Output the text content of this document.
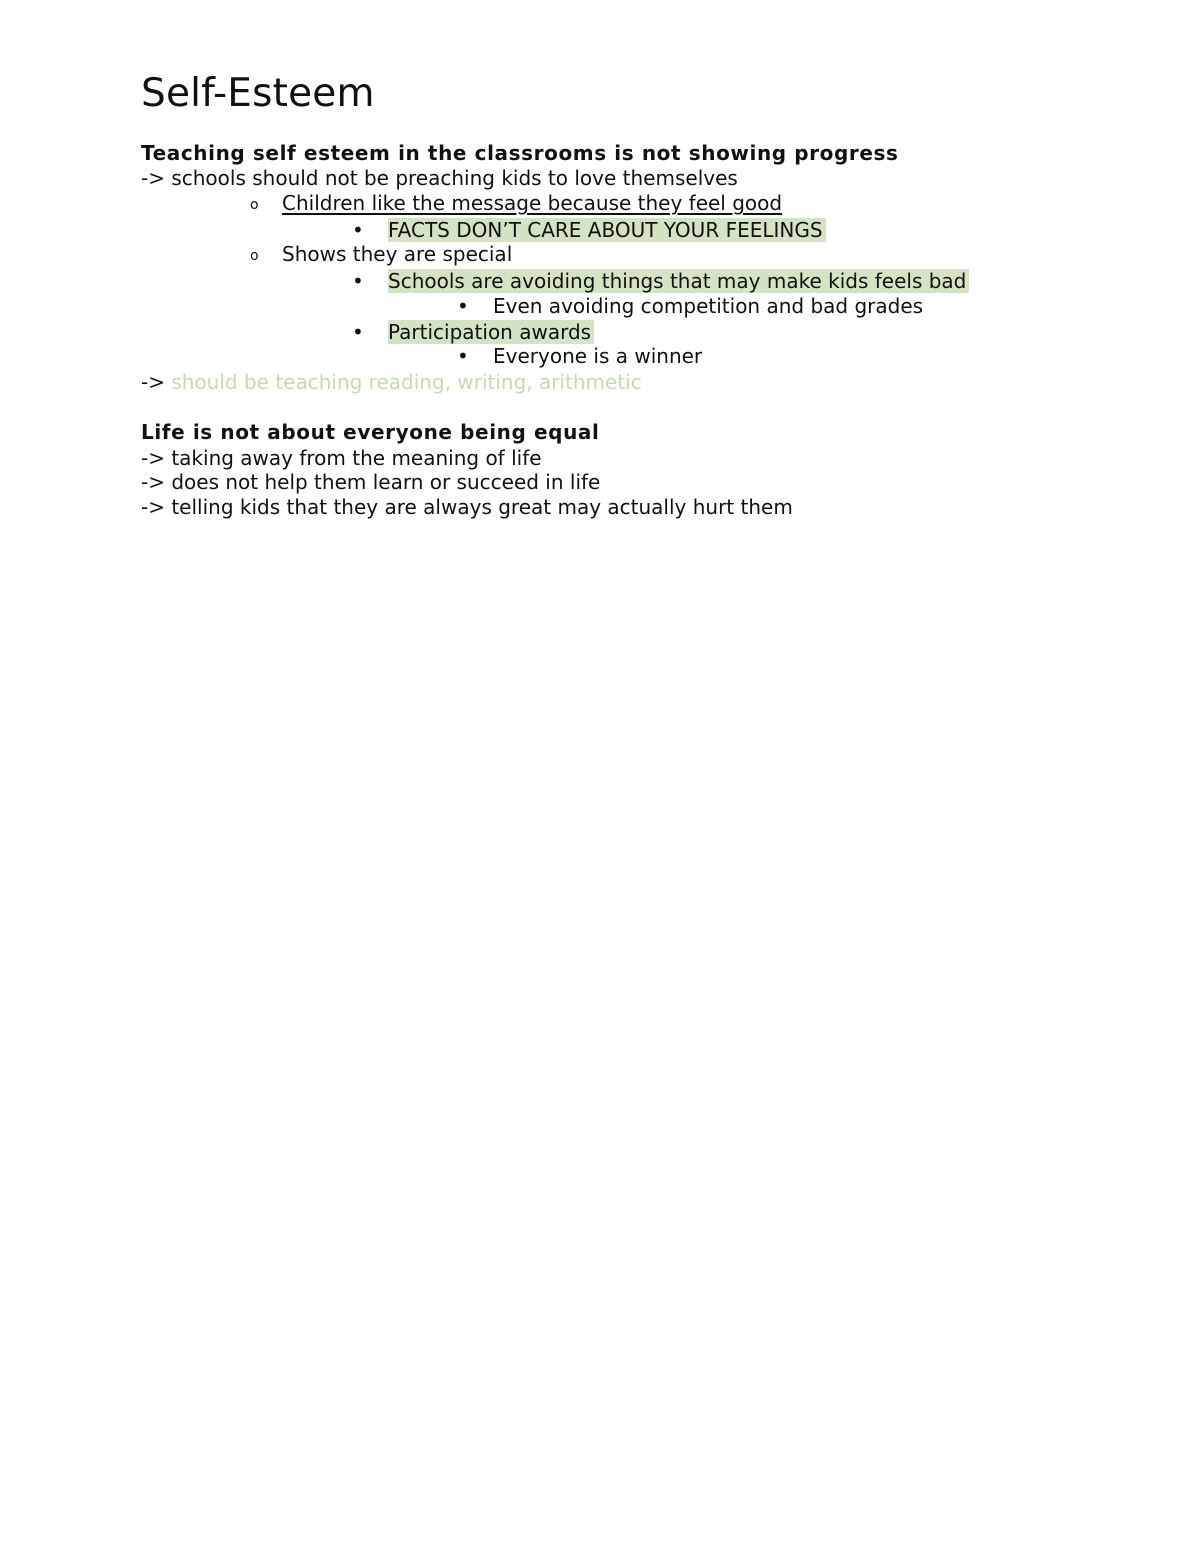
Self-Esteem
Teaching self esteem in the classrooms is not showing progress
-> schools should not be preaching kids to love themselves
o Children like the message because they feel good
• FACTS DON’T CARE ABOUT YOUR FEELINGS
o Shows they are special
• Schools are avoiding things that may make kids feels bad
• Even avoiding competition and bad grades
• Participation awards
• Everyone is a winner
-> should be teaching reading, writing, arithmetic
Life is not about everyone being equal
-> taking away from the meaning of life
-> does not help them learn or succeed in life
-> telling kids that they are always great may actually hurt them
